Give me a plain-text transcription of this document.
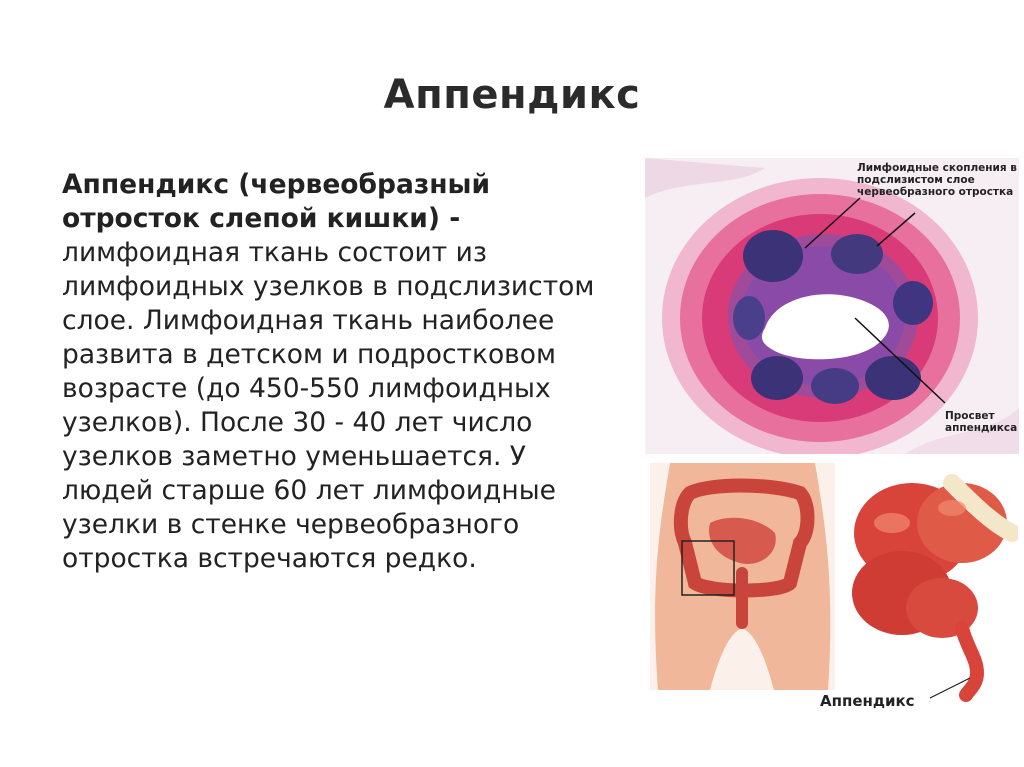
Аппендикс
Аппендикс (червеобразный отросток слепой кишки) - лимфоидная ткань состоит из лимфоидных узелков в подслизистом слое. Лимфоидная ткань наиболее развита в детском и подростковом возрасте (до 450-550 лимфоидных узелков). После 30 - 40 лет число узелков заметно уменьшается. У людей старше 60 лет лимфоидные узелки в стенке червеобразного отростка встречаются редко.
Лимфоидные скопления в
подслизистом слое
червеобразного отростка
Просвет
аппендикса
Аппендикс
